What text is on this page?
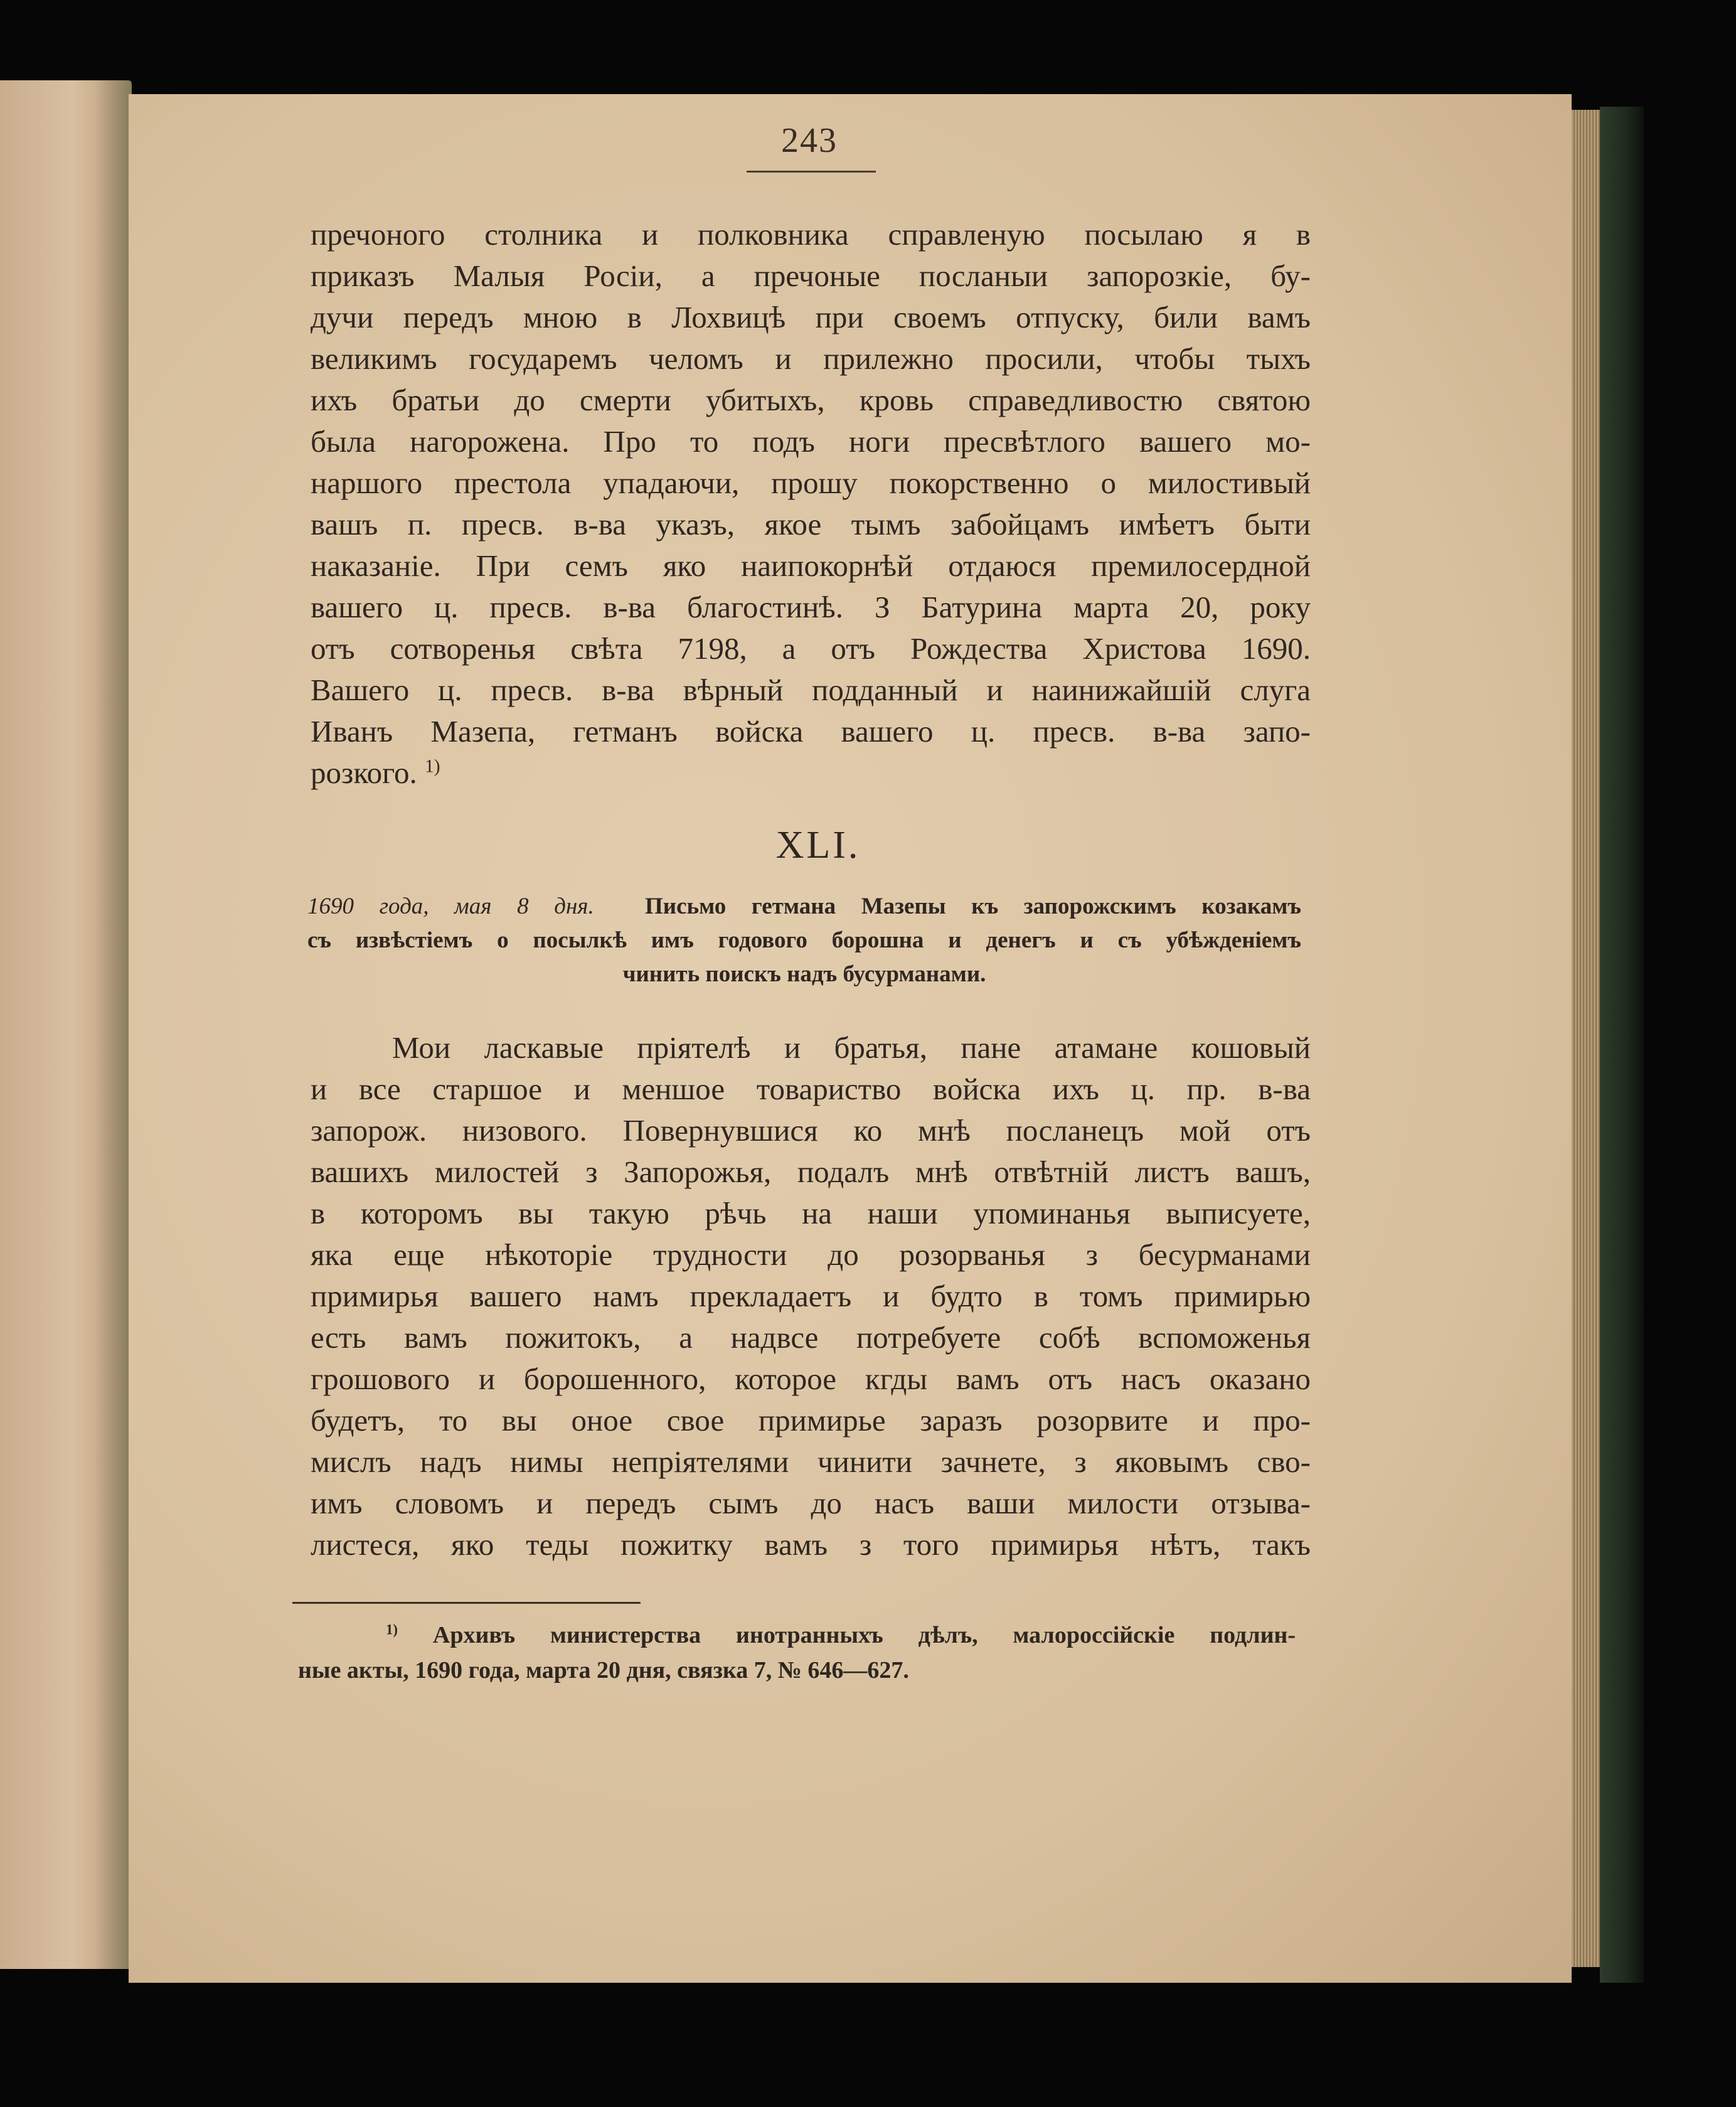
243

пречоного столника и полковника справленую посылаю я в

приказъ Малыя Росіи, а пречоные посланыи запорозкіе, бу-

дучи передъ мною в Лохвицѣ при своемъ отпуску, били вамъ

великимъ государемъ челомъ и прилежно просили, чтобы тыхъ

ихъ братьи до смерти убитыхъ, кровь справедливостю святою

была нагорожена. Про то подъ ноги пресвѣтлого вашего мо-

наршого престола упадаючи, прошу покорственно о милостивый

вашъ п. пресв. в-ва указъ, якое тымъ забойцамъ имѣетъ быти

наказаніе. При семъ яко наипокорнѣй отдаюся премилосердной

вашего ц. пресв. в-ва благостинѣ. З Батурина марта 20, року

отъ сотворенья свѣта 7198, а отъ Рождества Христова 1690.

Вашего ц. пресв. в-ва вѣрный подданный и наинижайшій слуга

Иванъ Мазепа, гетманъ войска вашего ц. пресв. в-ва запо-

розкого. $^{1)}$

XLI.

1690 года, мая 8 дня. Письмо гетмана Мазепы къ запорожскимъ козакамъ

съ извѣстіемъ о посылкѣ имъ годового борошна и денегъ и съ убѣжденіемъ

чинить поискъ надъ бусурманами.

Мои ласкавые пріятелѣ и братья, пане атамане кошовый

и все старшое и меншое товариство войска ихъ ц. пр. в-ва

запорож. низового. Повернувшися ко мнѣ посланецъ мой отъ

вашихъ милостей з Запорожья, подалъ мнѣ отвѣтній листъ вашъ,

в которомъ вы такую рѣчь на наши упоминанья выписуете,

яка еще нѣкоторіе трудности до розорванья з бесурманами

примирья вашего намъ прекладаетъ и будто в томъ примирью

есть вамъ пожитокъ, а надвсе потребуете собѣ вспоможенья

грошового и борошенного, которое кгды вамъ отъ насъ оказано

будетъ, то вы оное свое примирье заразъ розорвите и про-

мислъ надъ нимы непріятелями чинити зачнете, з яковымъ сво-

имъ словомъ и передъ сымъ до насъ ваши милости отзыва-

листеся, яко теды пожитку вамъ з того примирья нѣтъ, такъ

$^{1)}$ Архивъ министерства инотранныхъ дѣлъ, малороссійскіе подлин-

ные акты, 1690 года, марта 20 дня, связка 7, № 646—627.
